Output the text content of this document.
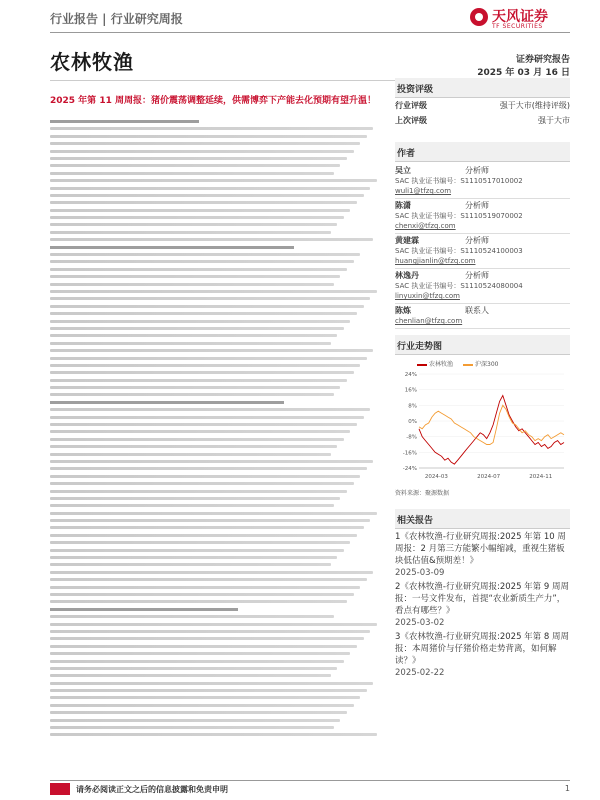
行业报告 | 行业研究周报	天风证券
TF SECURITIES
农林牧渔	证券研究报告
2025 年 03 月 16 日
2025 年第 11 周周报：猪价震荡调整延续，供需博弈下产能去化预期有望升温！
投资评级
行业评级	强于大市(维持评级)
上次评级	强于大市
作者
吴立	分析师
SAC 执业证书编号：S1110517010002
wuli1@tfzq.com
陈潇	分析师
SAC 执业证书编号：S1110519070002
chenxi@tfzq.com
黄建霖	分析师
SAC 执业证书编号：S1110524100003
huangjianlin@tfzq.com
林逸丹	分析师
SAC 执业证书编号：S1110524080004
linyuxin@tfzq.com
陈炼	联系人
chenlian@tfzq.com
行业走势图
农林牧渔	沪深300
-24%
-16%
-8%
0%
8%
16%
24%
2024-03	2024-07	2024-11
资料来源：聚源数据
相关报告
1《农林牧渔-行业研究周报:2025 年第 10 周周报：2 月第三方能繁小幅缩减，重视生猪板块低估值&预期差！》
2025-03-09
2《农林牧渔-行业研究周报:2025 年第 9 周周报：一号文件发布，首提“农业新质生产力”，看点有哪些？》
2025-03-02
3《农林牧渔-行业研究周报:2025 年第 8 周周报：本周猪价与仔猪价格走势背离，如何解读？》
2025-02-22
请务必阅读正文之后的信息披露和免责申明	1
